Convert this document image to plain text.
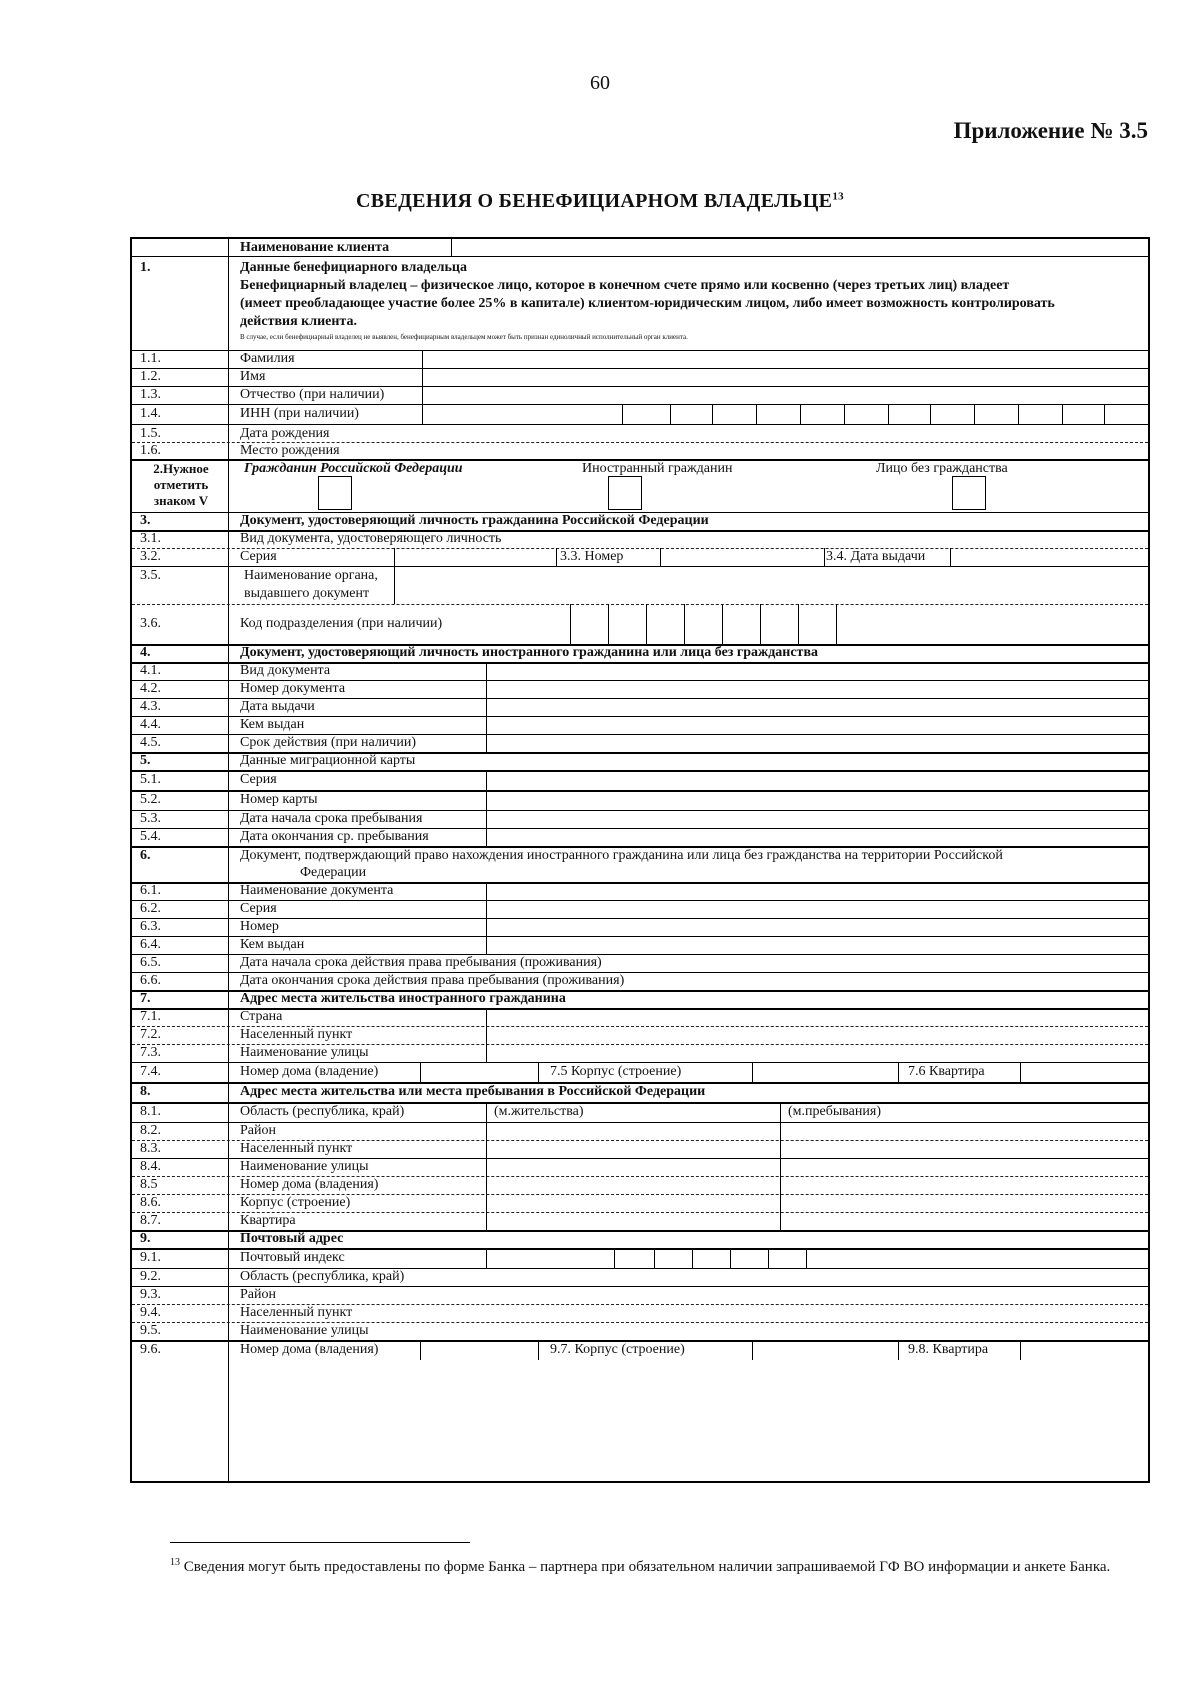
60
Приложение № 3.5
СВЕДЕНИЯ О БЕНЕФИЦИАРНОМ ВЛАДЕЛЬЦЕ$^{13}$
Наименование клиента
1.	Данные бенефициарного владельца
Бенефициарный владелец – физическое лицо, которое в конечном счете прямо или косвенно (через третьих лиц) владеет
(имеет преобладающее участие более 25% в капитале) клиентом-юридическим лицом, либо имеет возможность контролировать
действия клиента.
В случае, если бенефициарный владелец не выявлен, бенефициарным владельцем может быть признан единоличный исполнительный орган клиента.
1.1.	Фамилия
1.2.	Имя
1.3.	Отчество (при наличии)
1.4.	ИНН (при наличии)
1.5.	Дата рождения
1.6.	Место рождения
2.Нужное отметить знаком V
Гражданин Российской Федерации	Иностранный гражданин	Лицо без гражданства
3.	Документ, удостоверяющий личность гражданина Российской Федерации
3.1.	Вид документа, удостоверяющего личность
3.2.	Серия	3.3. Номер	3.4. Дата выдачи
3.5.	Наименование органа,
выдавшего документ
3.6.	Код подразделения (при наличии)
4.	Документ, удостоверяющий личность иностранного гражданина или лица без гражданства
4.1.	Вид документа
4.2.	Номер документа
4.3.	Дата выдачи
4.4.	Кем выдан
4.5.	Срок действия (при наличии)
5.	Данные миграционной карты
5.1.	Серия
5.2.	Номер карты
5.3.	Дата начала срока пребывания
5.4.	Дата окончания ср. пребывания
6.	Документ, подтверждающий право нахождения иностранного гражданина или лица без гражданства на территории Российской
Федерации
6.1.	Наименование документа
6.2.	Серия
6.3.	Номер
6.4.	Кем выдан
6.5.	Дата начала срока действия права пребывания (проживания)
6.6.	Дата окончания срока действия права пребывания (проживания)
7.	Адрес места жительства иностранного гражданина
7.1.	Страна
7.2.	Населенный пункт
7.3.	Наименование улицы
7.4.	Номер дома (владение)	7.5 Корпус (строение)	7.6 Квартира
8.	Адрес места жительства или места пребывания в Российской Федерации
8.1.	Область (республика, край)	(м.жительства)	(м.пребывания)
8.2.	Район
8.3.	Населенный пункт
8.4.	Наименование улицы
8.5	Номер дома (владения)
8.6.	Корпус (строение)
8.7.	Квартира
9.	Почтовый адрес
9.1.	Почтовый индекс
9.2.	Область (республика, край)
9.3.	Район
9.4.	Населенный пункт
9.5.	Наименование улицы
9.6.	Номер дома (владения)	9.7. Корпус (строение)	9.8. Квартира
$^{13}$ Сведения могут быть предоставлены по форме Банка – партнера при обязательном наличии запрашиваемой ГФ ВО информации и анкете Банка.
